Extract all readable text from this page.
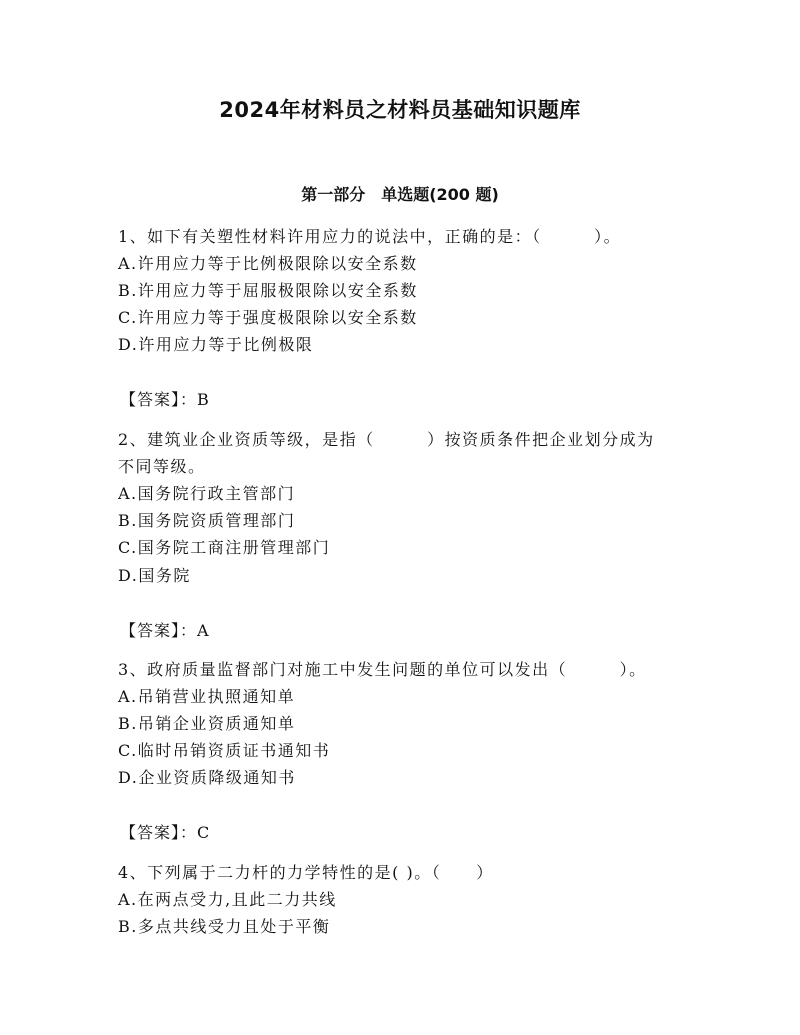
2024年材料员之材料员基础知识题库
第一部分　单选题(200 题)
1、如下有关塑性材料许用应力的说法中，正确的是：（　　　）。
A.许用应力等于比例极限除以安全系数
B.许用应力等于屈服极限除以安全系数
C.许用应力等于强度极限除以安全系数
D.许用应力等于比例极限
【答案】：B
2、建筑业企业资质等级，是指（　　　）按资质条件把企业划分成为
不同等级。
A.国务院行政主管部门
B.国务院资质管理部门
C.国务院工商注册管理部门
D.国务院
【答案】：A
3、政府质量监督部门对施工中发生问题的单位可以发出（　　　）。
A.吊销营业执照通知单
B.吊销企业资质通知单
C.临时吊销资质证书通知书
D.企业资质降级通知书
【答案】：C
4、下列属于二力杆的力学特性的是( )。（　　）
A.在两点受力,且此二力共线
B.多点共线受力且处于平衡
